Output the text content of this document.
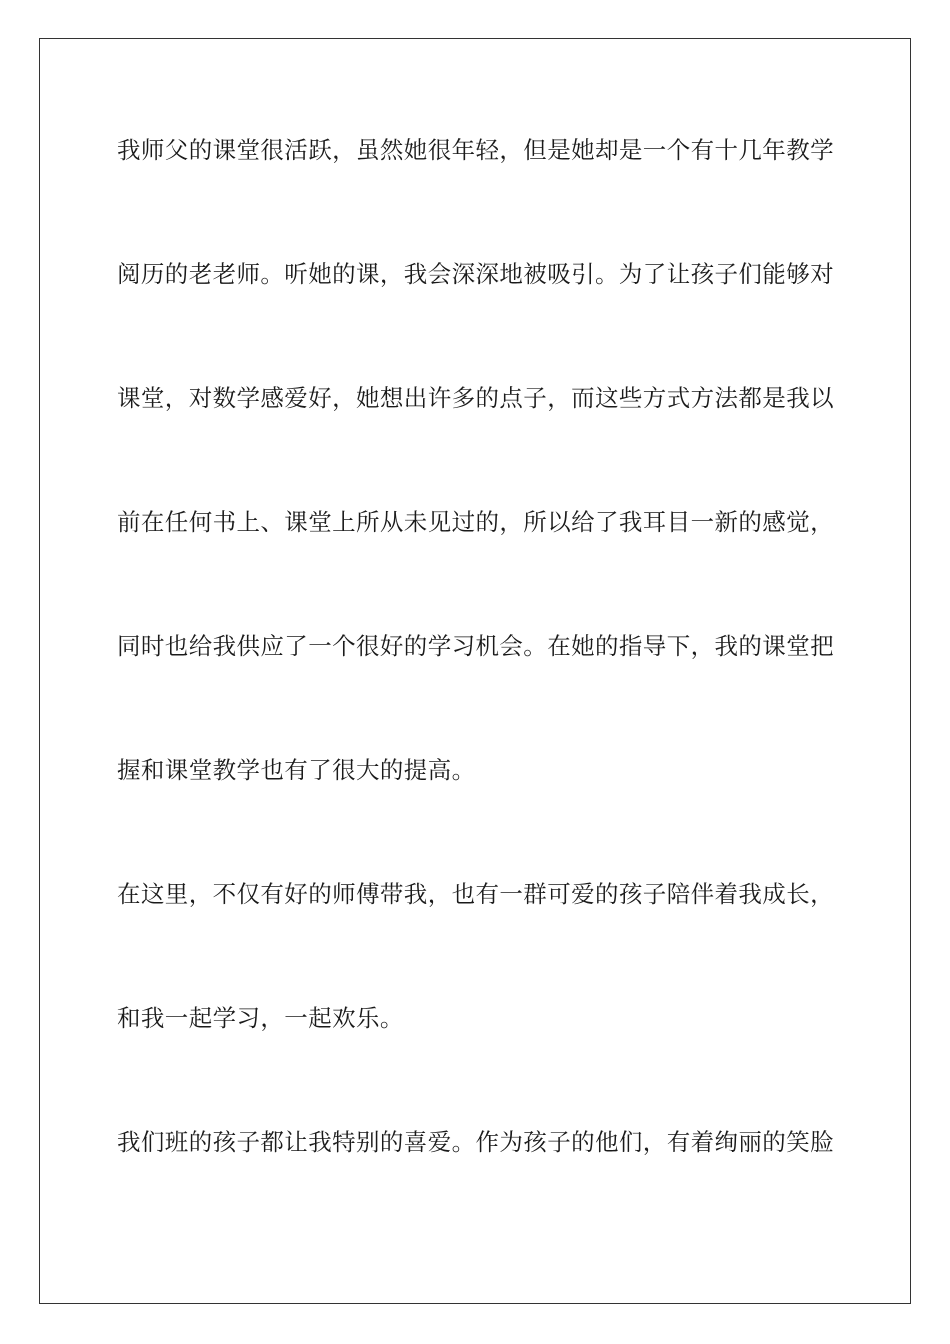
我师父的课堂很活跃，虽然她很年轻，但是她却是一个有十几年教学
阅历的老老师。听她的课，我会深深地被吸引。为了让孩子们能够对
课堂，对数学感爱好，她想出许多的点子，而这些方式方法都是我以
前在任何书上、课堂上所从未见过的，所以给了我耳目一新的感觉，
同时也给我供应了一个很好的学习机会。在她的指导下，我的课堂把
握和课堂教学也有了很大的提高。
在这里，不仅有好的师傅带我，也有一群可爱的孩子陪伴着我成长，
和我一起学习，一起欢乐。
我们班的孩子都让我特别的喜爱。作为孩子的他们，有着绚丽的笑脸
